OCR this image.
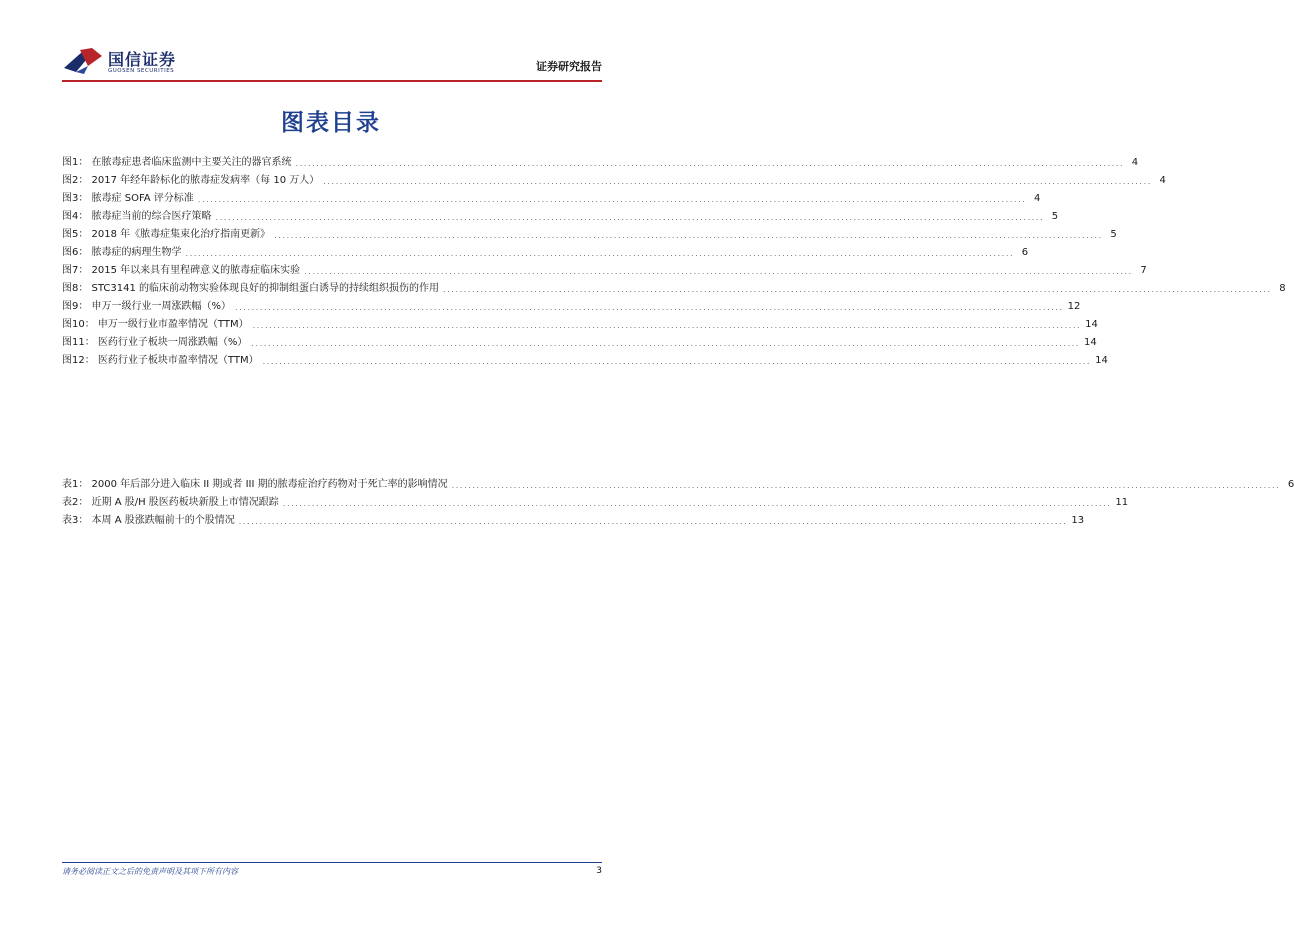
国信证券
GUOSEN SECURITIES	证券研究报告
图表目录
图1： 在脓毒症患者临床监测中主要关注的器官系统 ........................................................................................................................................................................................................ 4
图2： 2017 年经年龄标化的脓毒症发病率（每 10 万人） ........................................................................................................................................................................................................ 4
图3： 脓毒症 SOFA 评分标准 ........................................................................................................................................................................................................ 4
图4： 脓毒症当前的综合医疗策略 ........................................................................................................................................................................................................ 5
图5： 2018 年《脓毒症集束化治疗指南更新》 ........................................................................................................................................................................................................ 5
图6： 脓毒症的病理生物学 ........................................................................................................................................................................................................ 6
图7： 2015 年以来具有里程碑意义的脓毒症临床实验 ........................................................................................................................................................................................................ 7
图8： STC3141 的临床前动物实验体现良好的抑制组蛋白诱导的持续组织损伤的作用 ........................................................................................................................................................................................................ 8
图9： 申万一级行业一周涨跌幅（%） ........................................................................................................................................................................................................ 12
图10： 申万一级行业市盈率情况（TTM） ........................................................................................................................................................................................................ 14
图11： 医药行业子板块一周涨跌幅（%） ........................................................................................................................................................................................................ 14
图12： 医药行业子板块市盈率情况（TTM） ........................................................................................................................................................................................................ 14
表1： 2000 年后部分进入临床 II 期或者 III 期的脓毒症治疗药物对于死亡率的影响情况 ........................................................................................................................................................................................................ 6
表2： 近期 A 股/H 股医药板块新股上市情况跟踪 ........................................................................................................................................................................................................ 11
表3： 本周 A 股涨跌幅前十的个股情况 ........................................................................................................................................................................................................ 13
请务必阅读正文之后的免责声明及其项下所有内容	3
